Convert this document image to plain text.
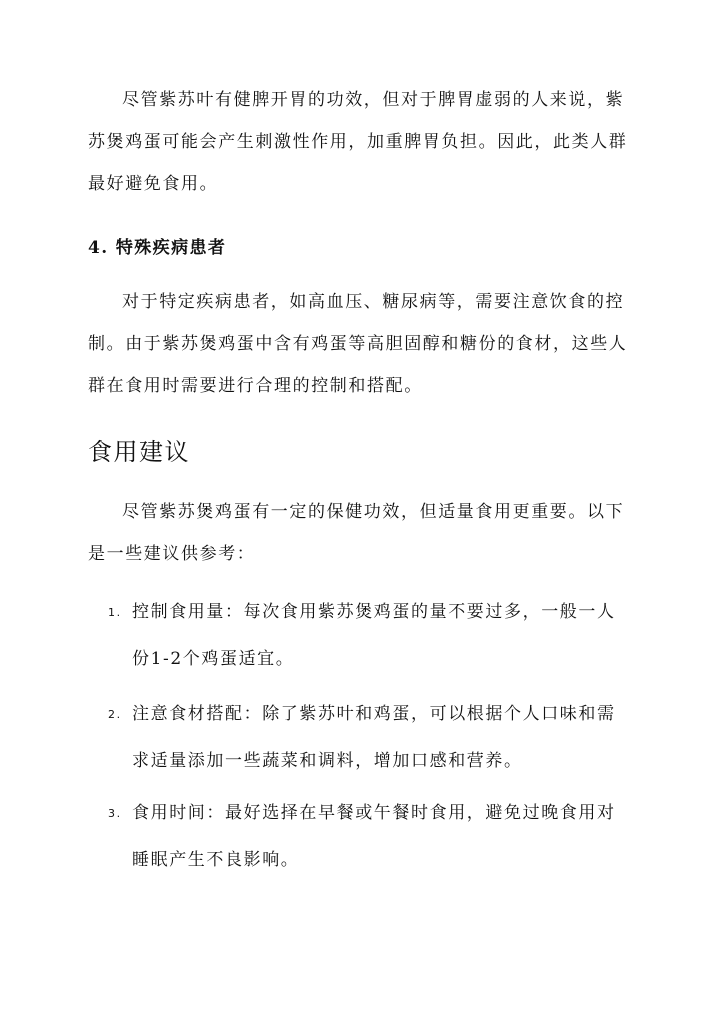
尽管紫苏叶有健脾开胃的功效，但对于脾胃虚弱的人来说，紫苏煲鸡蛋可能会产生刺激性作用，加重脾胃负担。因此，此类人群最好避免食用。

4. 特殊疾病患者

对于特定疾病患者，如高血压、糖尿病等，需要注意饮食的控制。由于紫苏煲鸡蛋中含有鸡蛋等高胆固醇和糖份的食材，这些人群在食用时需要进行合理的控制和搭配。

食用建议

尽管紫苏煲鸡蛋有一定的保健功效，但适量食用更重要。以下是一些建议供参考：

1. 控制食用量：每次食用紫苏煲鸡蛋的量不要过多，一般一人份1-2个鸡蛋适宜。
2. 注意食材搭配：除了紫苏叶和鸡蛋，可以根据个人口味和需求适量添加一些蔬菜和调料，增加口感和营养。
3. 食用时间：最好选择在早餐或午餐时食用，避免过晚食用对睡眠产生不良影响。
